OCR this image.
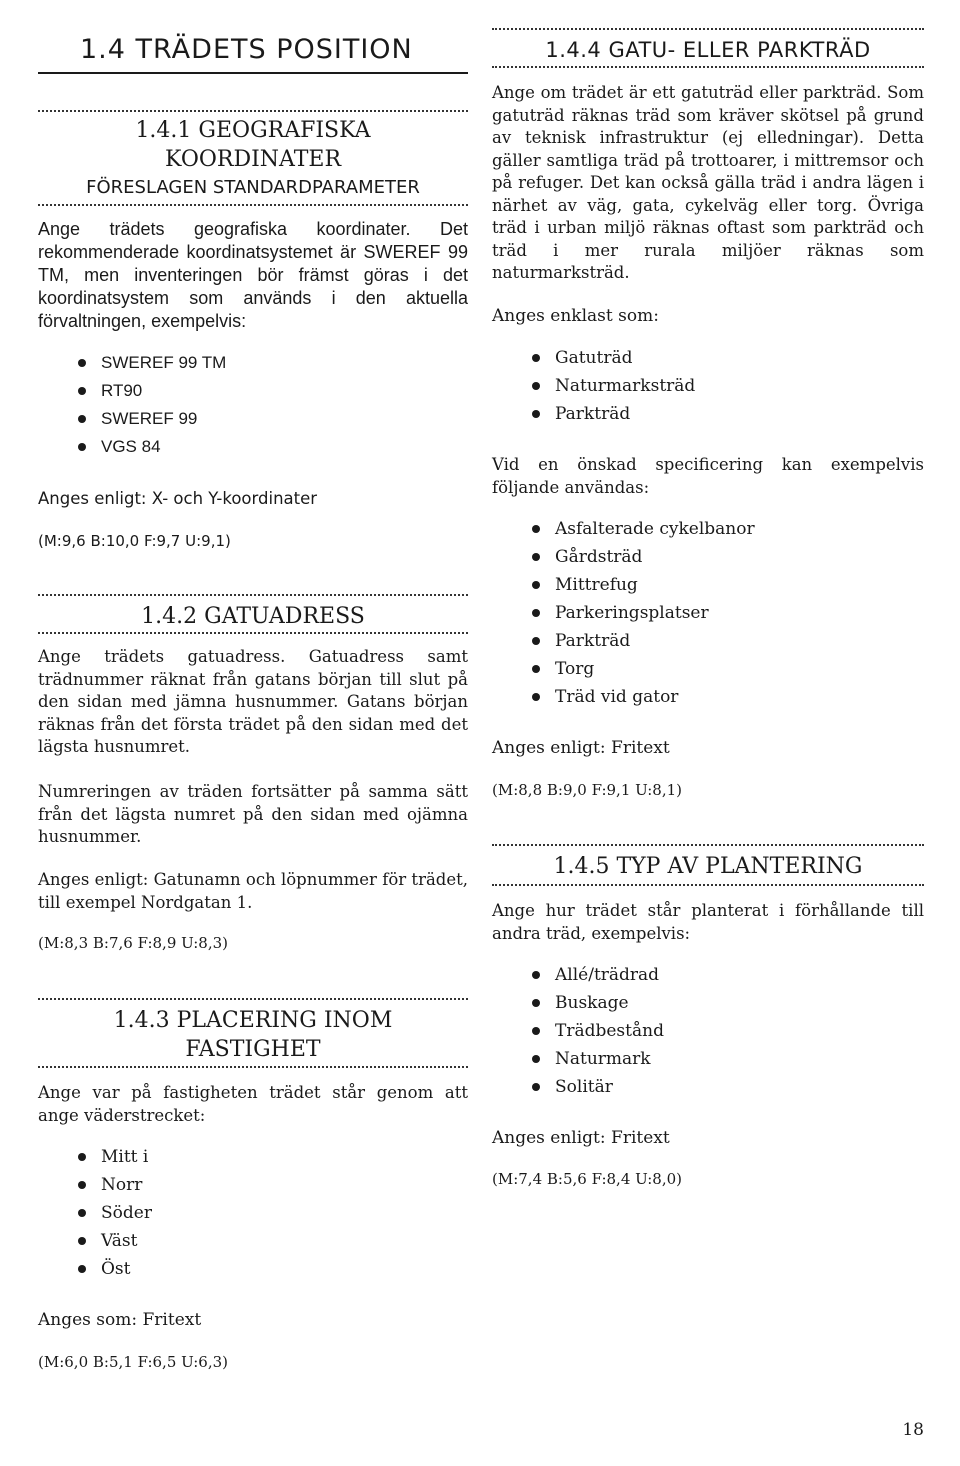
1.4 TRÄDETS POSITION
1.4.1 GEOGRAFISKA
KOORDINATER
FÖRESLAGEN STANDARDPARAMETER
Ange trädets geografiska koordinater. Det rekommenderade koordinatsystemet är SWEREF 99 TM, men inventeringen bör främst göras i det koordinatsystem som används i den aktuella förvaltningen, exempelvis:
SWEREF 99 TM
RT90
SWEREF 99
VGS 84
Anges enligt: X- och Y-koordinater
(M:9,6 B:10,0 F:9,7 U:9,1)
1.4.2 GATUADRESS
Ange trädets gatuadress. Gatuadress samt trädnummer räknat från gatans början till slut på den sidan med jämna husnummer. Gatans början räknas från det första trädet på den sidan med det lägsta husnumret.
Numreringen av träden fortsätter på samma sätt från det lägsta numret på den sidan med ojämna husnummer.
Anges enligt: Gatunamn och löpnummer för trädet, till exempel Nordgatan 1.
(M:8,3 B:7,6 F:8,9 U:8,3)
1.4.3 PLACERING INOM
FASTIGHET
Ange var på fastigheten trädet står genom att ange väderstrecket:
Mitt i
Norr
Söder
Väst
Öst
Anges som: Fritext
(M:6,0 B:5,1 F:6,5 U:6,3)
1.4.4 GATU- ELLER PARKTRÄD
Ange om trädet är ett gatuträd eller parkträd. Som gatuträd räknas träd som kräver skötsel på grund av teknisk infrastruktur (ej elledningar). Detta gäller samtliga träd på trottoarer, i mittremsor och på refuger. Det kan också gälla träd i andra lägen i närhet av väg, gata, cykelväg eller torg. Övriga träd i urban miljö räknas oftast som parkträd och träd i mer rurala miljöer räknas som naturmarksträd.
Anges enklast som:
Gatuträd
Naturmarksträd
Parkträd
Vid en önskad specificering kan exempelvis följande användas:
Asfalterade cykelbanor
Gårdsträd
Mittrefug
Parkeringsplatser
Parkträd
Torg
Träd vid gator
Anges enligt: Fritext
(M:8,8 B:9,0 F:9,1 U:8,1)
1.4.5 TYP AV PLANTERING
Ange hur trädet står planterat i förhållande till andra träd, exempelvis:
Allé/trädrad
Buskage
Trädbestånd
Naturmark
Solitär
Anges enligt: Fritext
(M:7,4 B:5,6 F:8,4 U:8,0)
18
